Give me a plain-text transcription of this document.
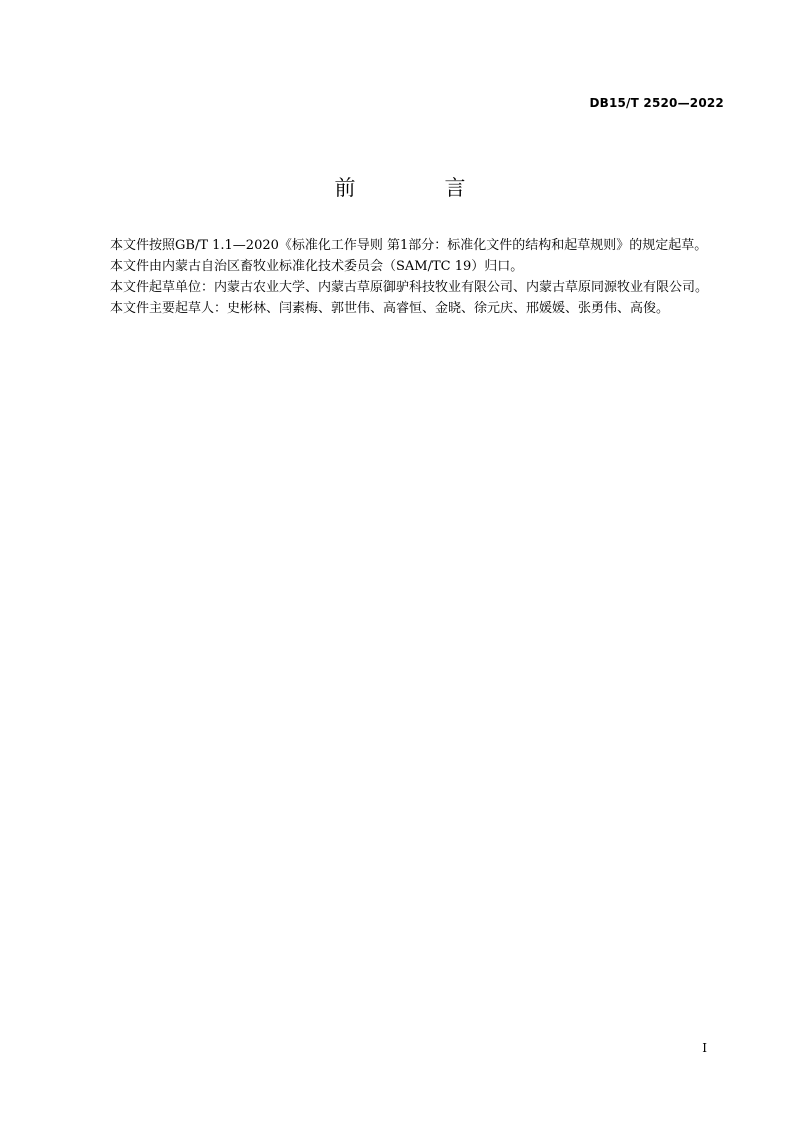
DB15/T 2520—2022
前　言

本文件按照GB/T 1.1—2020《标准化工作导则 第1部分：标准化文件的结构和起草规则》的规定起草。

本文件由内蒙古自治区畜牧业标准化技术委员会（SAM/TC 19）归口。

本文件起草单位：内蒙古农业大学、内蒙古草原御驴科技牧业有限公司、内蒙古草原同源牧业有限公司。

本文件主要起草人：史彬林、闫素梅、郭世伟、高睿恒、金晓、徐元庆、邢媛媛、张勇伟、高俊。

I
